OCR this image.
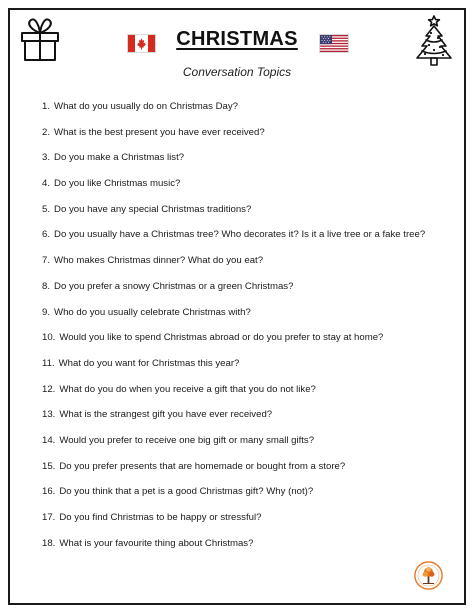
CHRISTMAS
Conversation Topics
1. What do you usually do on Christmas Day?
2. What is the best present you have ever received?
3. Do you make a Christmas list?
4. Do you like Christmas music?
5. Do you have any special Christmas traditions?
6. Do you usually have a Christmas tree? Who decorates it? Is it a live tree or a fake tree?
7. Who makes Christmas dinner? What do you eat?
8. Do you prefer a snowy Christmas or a green Christmas?
9. Who do you usually celebrate Christmas with?
10. Would you like to spend Christmas abroad or do you prefer to stay at home?
11. What do you want for Christmas this year?
12. What do you do when you receive a gift that you do not like?
13. What is the strangest gift you have ever received?
14. Would you prefer to receive one big gift or many small gifts?
15. Do you prefer presents that are homemade or bought from a store?
16. Do you think that a pet is a good Christmas gift? Why (not)?
17. Do you find Christmas to be happy or stressful?
18. What is your favourite thing about Christmas?
